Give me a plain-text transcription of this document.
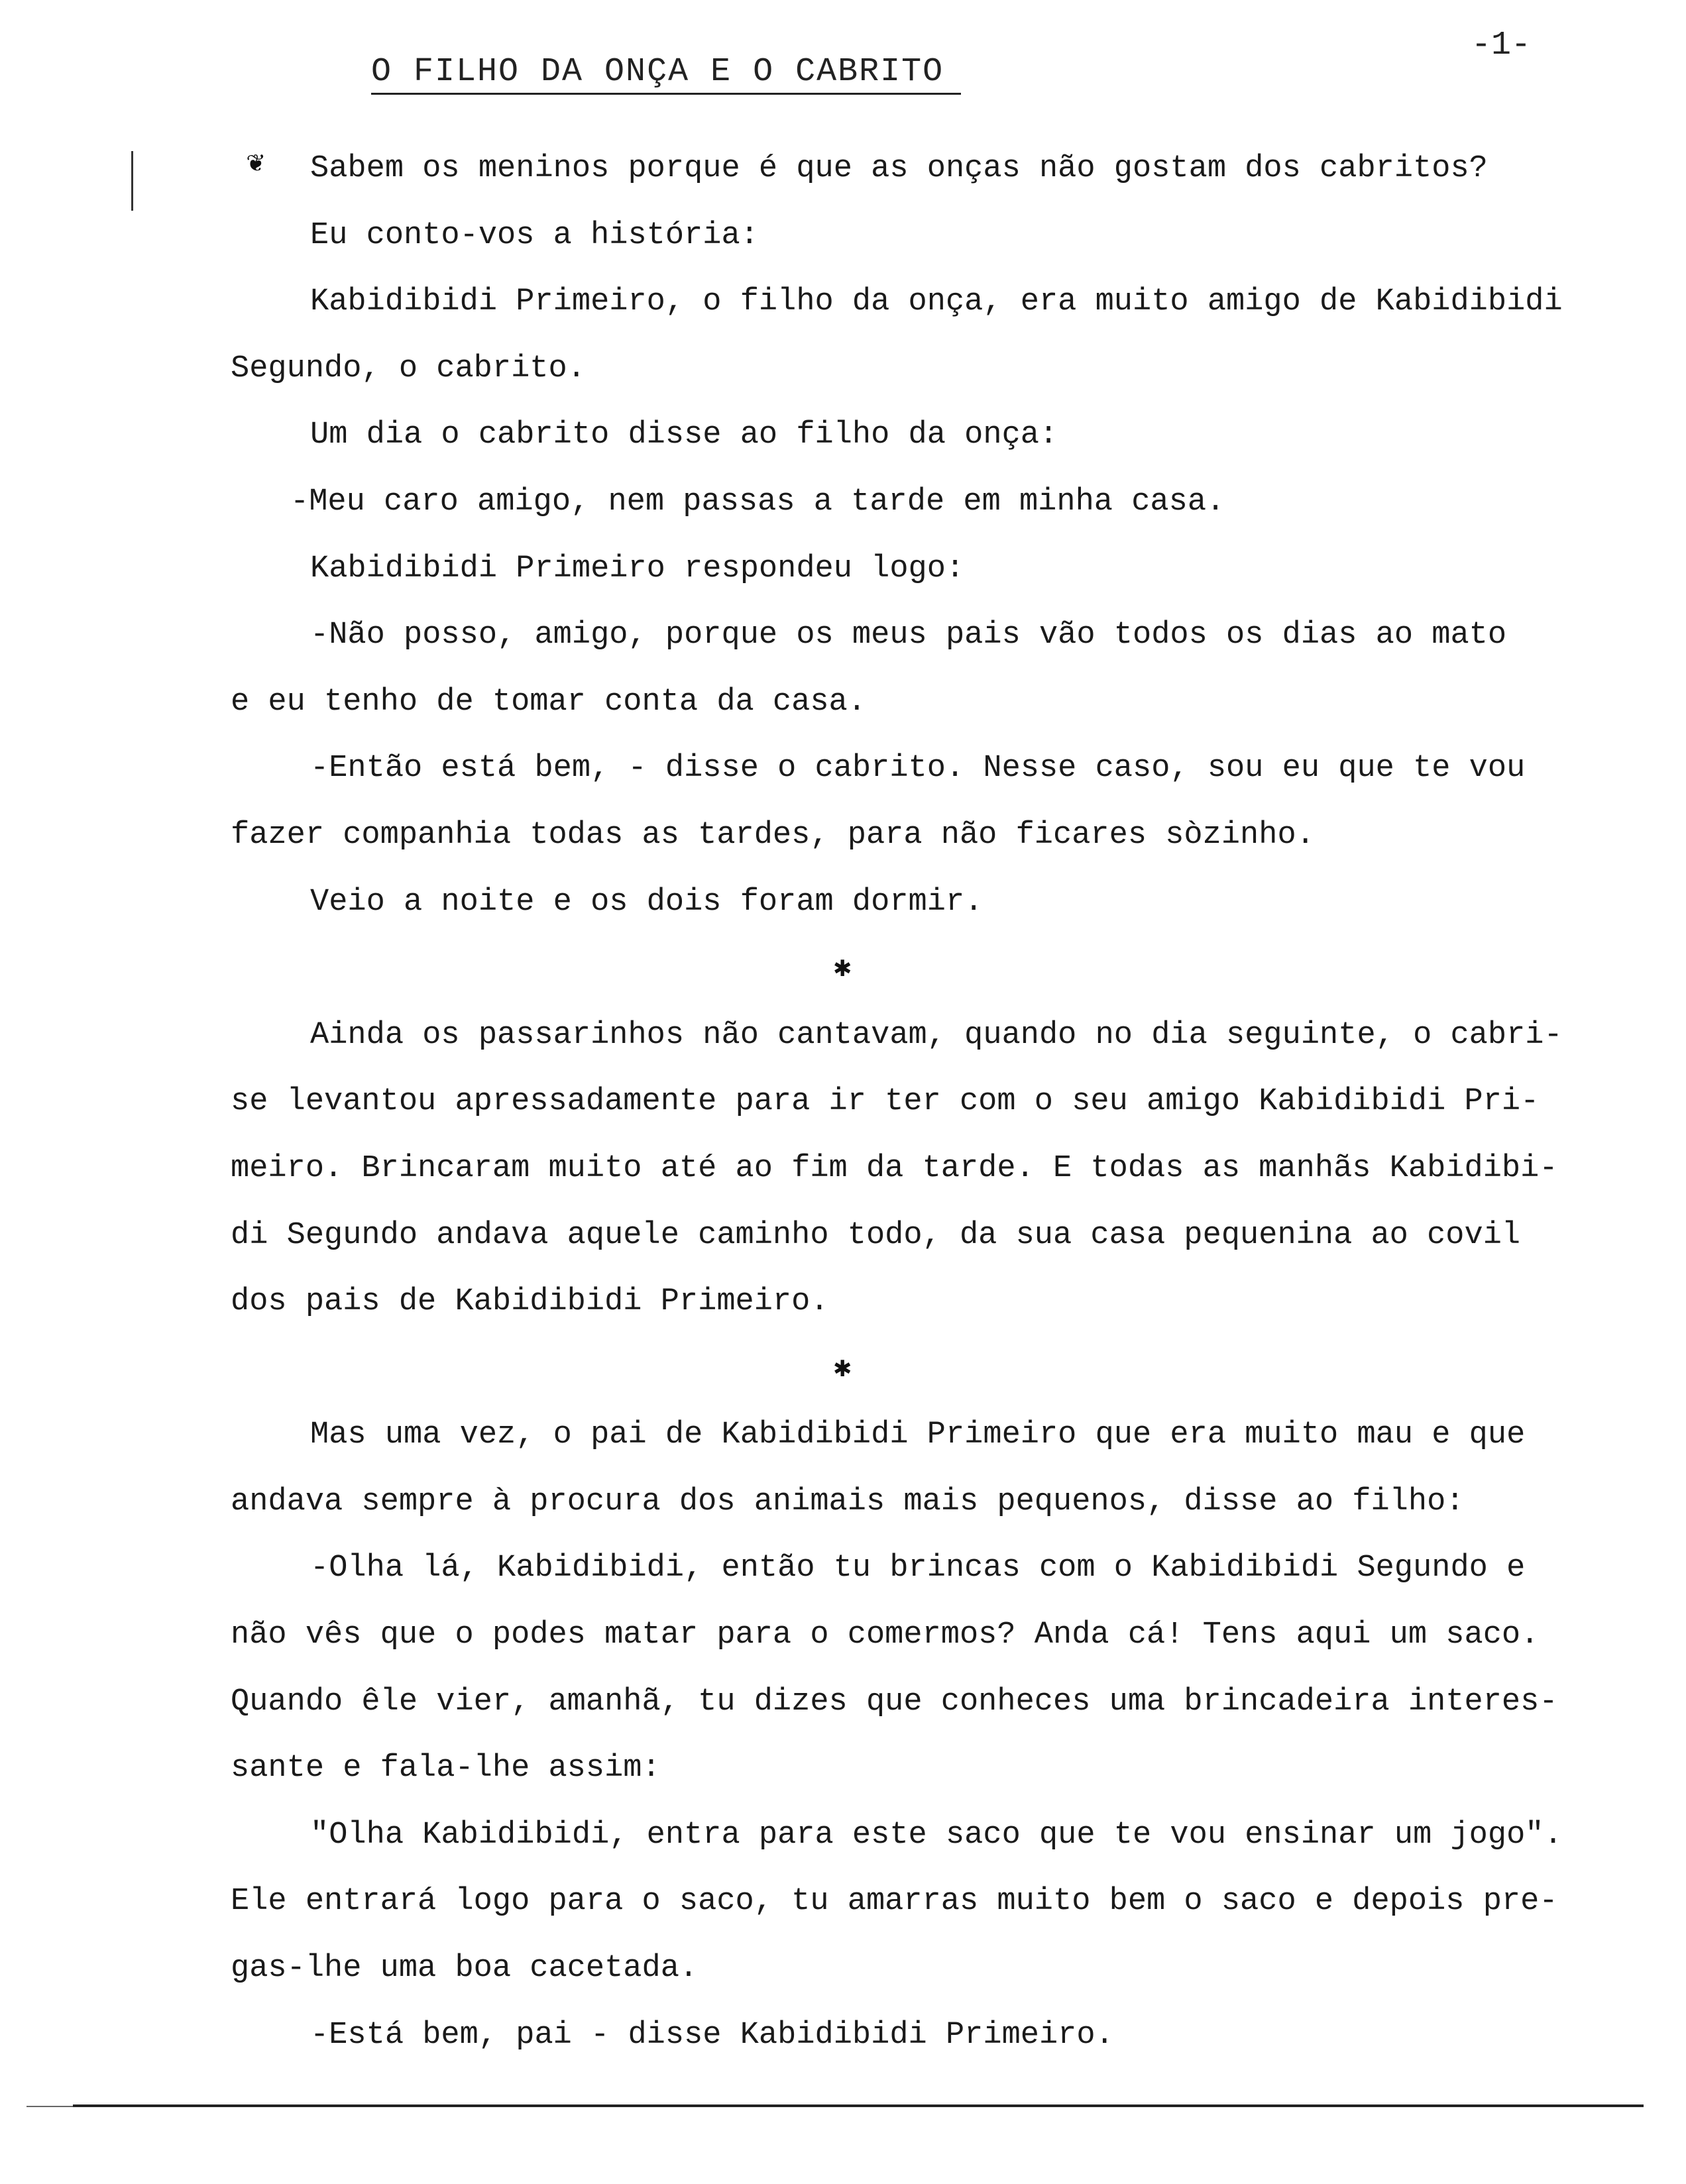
O FILHO DA ONÇA E O CABRITO
-1-
❦	Sabem os meninos porque é que as onças não gostam dos cabritos?
Eu conto-vos a história:
Kabidibidi Primeiro, o filho da onça, era muito amigo de Kabidibidi
Segundo, o cabrito.
Um dia o cabrito disse ao filho da onça:
-Meu caro amigo, nem passas a tarde em minha casa.
Kabidibidi Primeiro respondeu logo:
-Não posso, amigo, porque os meus pais vão todos os dias ao mato
e eu tenho de tomar conta da casa.
-Então está bem, - disse o cabrito. Nesse caso, sou eu que te vou
fazer companhia todas as tardes, para não ficares sòzinho.
Veio a noite e os dois foram dormir.
✱
Ainda os passarinhos não cantavam, quando no dia seguinte, o cabri-
se levantou apressadamente para ir ter com o seu amigo Kabidibidi Pri-
meiro. Brincaram muito até ao fim da tarde. E todas as manhãs Kabidibi-
di Segundo andava aquele caminho todo, da sua casa pequenina ao covil
dos pais de Kabidibidi Primeiro.
✱
Mas uma vez, o pai de Kabidibidi Primeiro que era muito mau e que
andava sempre à procura dos animais mais pequenos, disse ao filho:
-Olha lá, Kabidibidi, então tu brincas com o Kabidibidi Segundo e
não vês que o podes matar para o comermos? Anda cá! Tens aqui um saco.
Quando êle vier, amanhã, tu dizes que conheces uma brincadeira interes-
sante e fala-lhe assim:
"Olha Kabidibidi, entra para este saco que te vou ensinar um jogo".
Ele entrará logo para o saco, tu amarras muito bem o saco e depois pre-
gas-lhe uma boa cacetada.
-Está bem, pai - disse Kabidibidi Primeiro.
